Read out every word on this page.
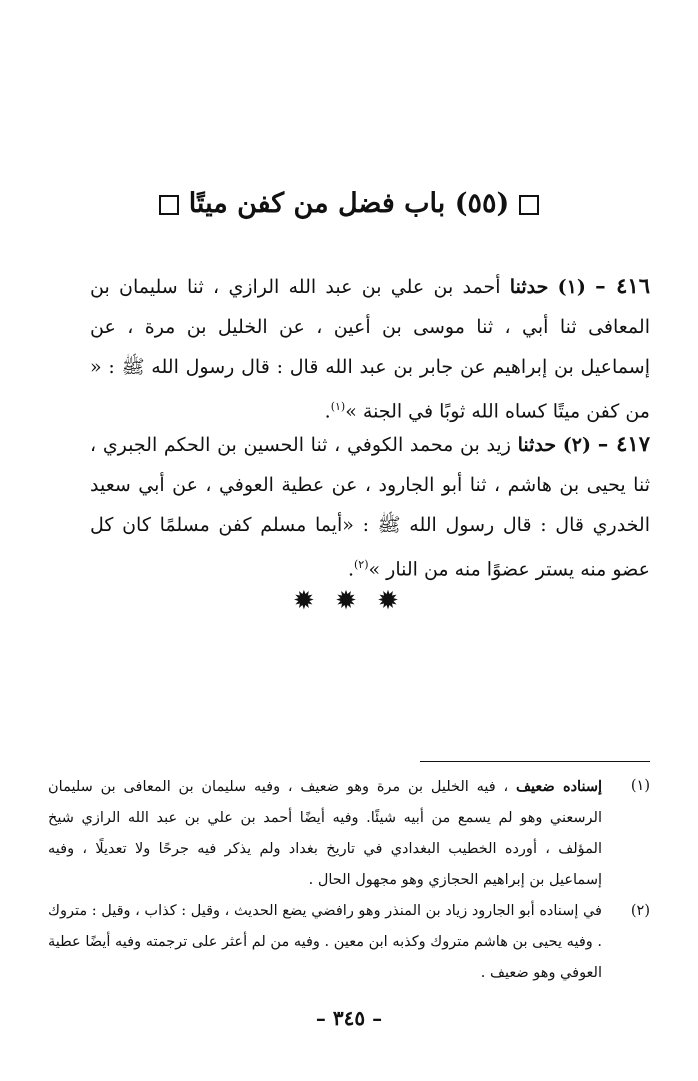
(٥٥) باب فضل من كفن ميتًا
٤١٦ – (١) حدثنا أحمد بن علي بن عبد الله الرازي ، ثنا سليمان بن المعافى ثنا أبي ، ثنا موسى بن أعين ، عن الخليل بن مرة ، عن إسماعيل بن إبراهيم عن جابر بن عبد الله قال : قال رسول الله ﷺ : « من كفن ميتًا كساه الله ثوبًا في الجنة »$^{(١)}$.
٤١٧ – (٢) حدثنا زيد بن محمد الكوفي ، ثنا الحسين بن الحكم الجبري ، ثنا يحيى بن هاشم ، ثنا أبو الجارود ، عن عطية العوفي ، عن أبي سعيد الخدري قال : قال رسول الله ﷺ : «أيما مسلم كفن مسلمًا كان كل عضو منه يستر عضوًا منه من النار »$^{(٢)}$.
✹ ✹ ✹
(١)
إسناده ضعيف ، فيه الخليل بن مرة وهو ضعيف ، وفيه سليمان بن المعافى بن سليمان الرسعني وهو لم يسمع من أبيه شيئًا. وفيه أيضًا أحمد بن علي بن عبد الله الرازي شيخ المؤلف ، أورده الخطيب البغدادي في تاريخ بغداد ولم يذكر فيه جرحًا ولا تعديلًا ، وفيه إسماعيل بن إبراهيم الحجازي وهو مجهول الحال .
(٢)
في إسناده أبو الجارود زياد بن المنذر وهو رافضي يضع الحديث ، وقيل : كذاب ، وقيل : متروك . وفيه يحيى بن هاشم متروك وكذبه ابن معين . وفيه من لم أعثر على ترجمته وفيه أيضًا عطية العوفي وهو ضعيف .
– ٣٤٥ –
